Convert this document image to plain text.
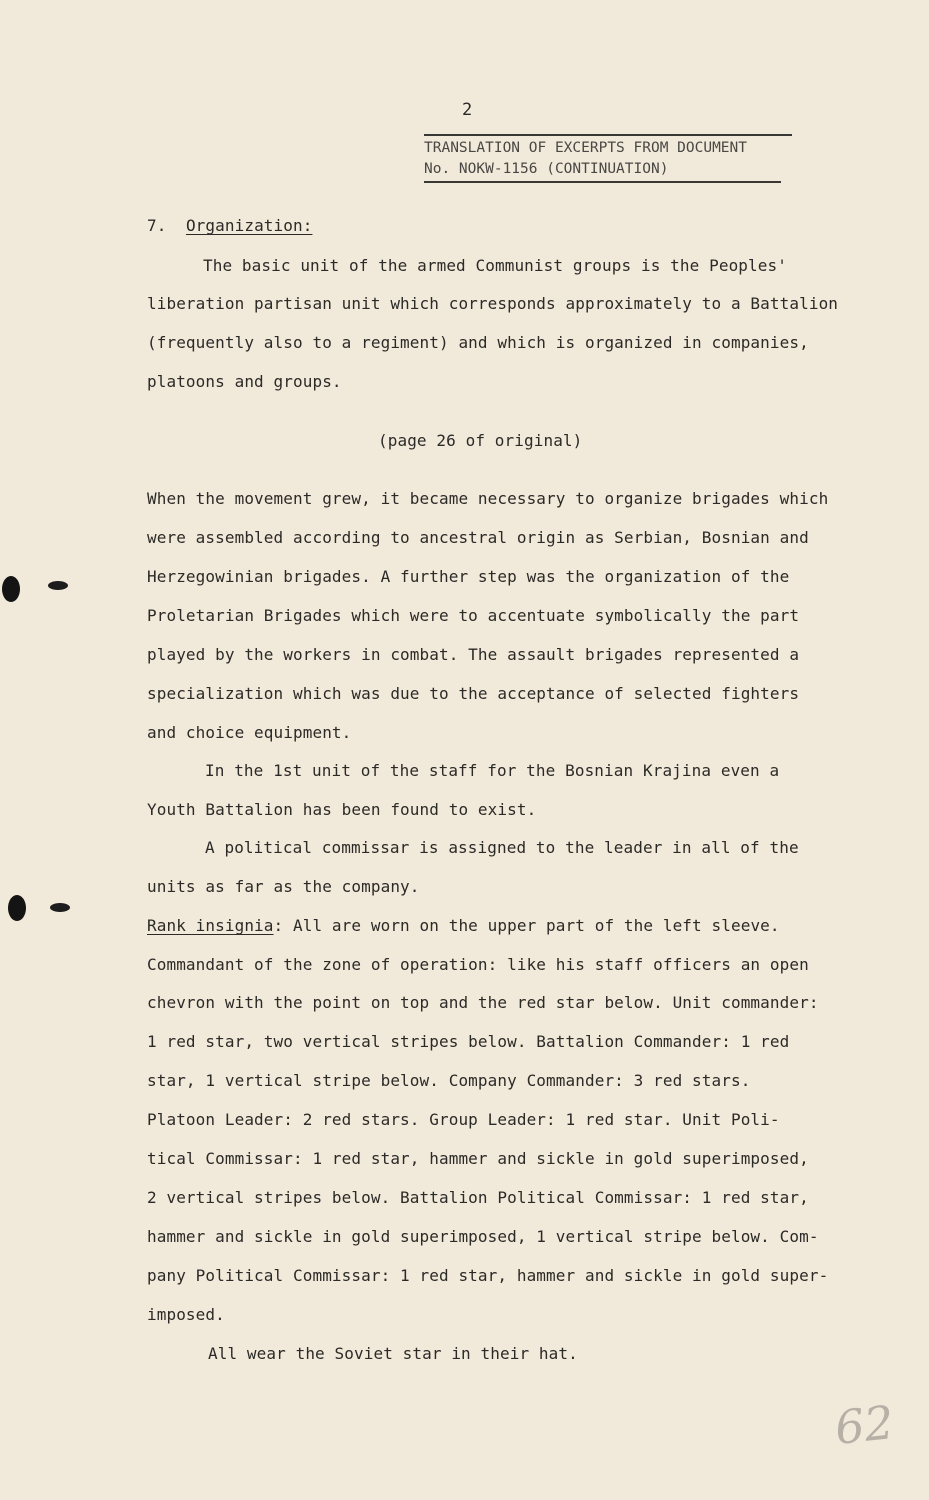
2
TRANSLATION OF EXCERPTS FROM DOCUMENT
No. NOKW-1156 (CONTINUATION)
7. Organization:
The basic unit of the armed Communist groups is the Peoples'
liberation partisan unit which corresponds approximately to a Battalion
(frequently also to a regiment) and which is organized in companies,
platoons and groups.
(page 26 of original)
When the movement grew, it became necessary to organize brigades which
were assembled according to ancestral origin as Serbian, Bosnian and
Herzegowinian brigades. A further step was the organization of the
Proletarian Brigades which were to accentuate symbolically the part
played by the workers in combat. The assault brigades represented a
specialization which was due to the acceptance of selected fighters
and choice equipment.
In the 1st unit of the staff for the Bosnian Krajina even a
Youth Battalion has been found to exist.
A political commissar is assigned to the leader in all of the
units as far as the company.
Rank insignia: All are worn on the upper part of the left sleeve.
Commandant of the zone of operation: like his staff officers an open
chevron with the point on top and the red star below. Unit commander:
1 red star, two vertical stripes below. Battalion Commander: 1 red
star, 1 vertical stripe below. Company Commander: 3 red stars.
Platoon Leader: 2 red stars. Group Leader: 1 red star. Unit Poli-
tical Commissar: 1 red star, hammer and sickle in gold superimposed,
2 vertical stripes below. Battalion Political Commissar: 1 red star,
hammer and sickle in gold superimposed, 1 vertical stripe below. Com-
pany Political Commissar: 1 red star, hammer and sickle in gold super-
imposed.
All wear the Soviet star in their hat.
62
